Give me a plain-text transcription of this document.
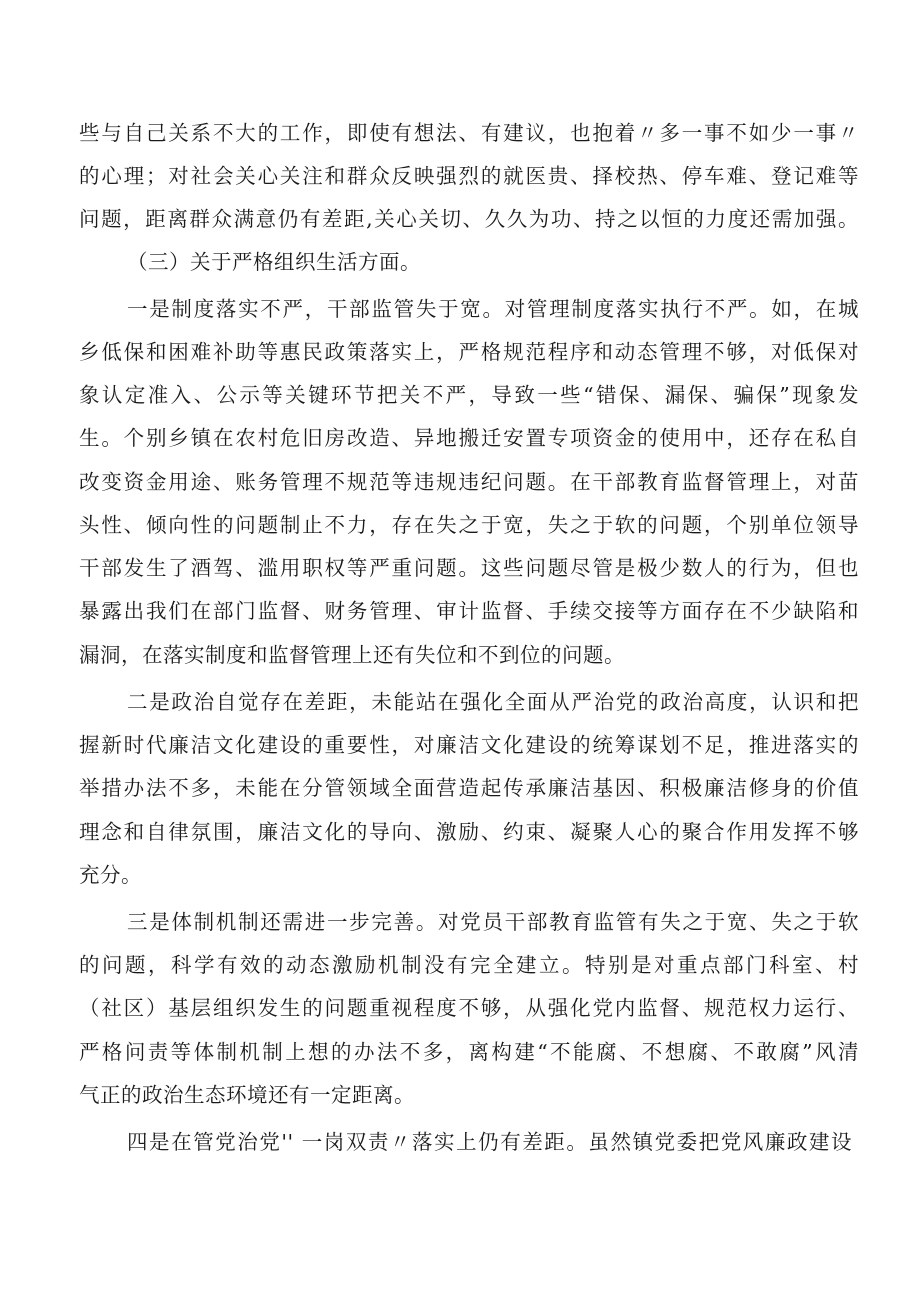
些与自己关系不大的工作，即使有想法、有建议，也抱着〃多一事不如少一事〃
的心理；对社会关心关注和群众反映强烈的就医贵、择校热、停车难、登记难等
问题，距离群众满意仍有差距,关心关切、久久为功、持之以恒的力度还需加强。
（三）关于严格组织生活方面。
一是制度落实不严，干部监管失于宽。对管理制度落实执行不严。如，在城
乡低保和困难补助等惠民政策落实上，严格规范程序和动态管理不够，对低保对
象认定准入、公示等关键环节把关不严，导致一些“错保、漏保、骗保”现象发
生。个别乡镇在农村危旧房改造、异地搬迁安置专项资金的使用中，还存在私自
改变资金用途、账务管理不规范等违规违纪问题。在干部教育监督管理上，对苗
头性、倾向性的问题制止不力，存在失之于宽，失之于软的问题，个别单位领导
干部发生了酒驾、滥用职权等严重问题。这些问题尽管是极少数人的行为，但也
暴露出我们在部门监督、财务管理、审计监督、手续交接等方面存在不少缺陷和
漏洞，在落实制度和监督管理上还有失位和不到位的问题。
二是政治自觉存在差距，未能站在强化全面从严治党的政治高度，认识和把
握新时代廉洁文化建设的重要性，对廉洁文化建设的统筹谋划不足，推进落实的
举措办法不多，未能在分管领域全面营造起传承廉洁基因、积极廉洁修身的价值
理念和自律氛围，廉洁文化的导向、激励、约束、凝聚人心的聚合作用发挥不够
充分。
三是体制机制还需进一步完善。对党员干部教育监管有失之于宽、失之于软
的问题，科学有效的动态激励机制没有完全建立。特别是对重点部门科室、村
（社区）基层组织发生的问题重视程度不够，从强化党内监督、规范权力运行、
严格问责等体制机制上想的办法不多，离构建“不能腐、不想腐、不敢腐”风清
气正的政治生态环境还有一定距离。
四是在管党治党'' 一岗双责〃落实上仍有差距。虽然镇党委把党风廉政建设
